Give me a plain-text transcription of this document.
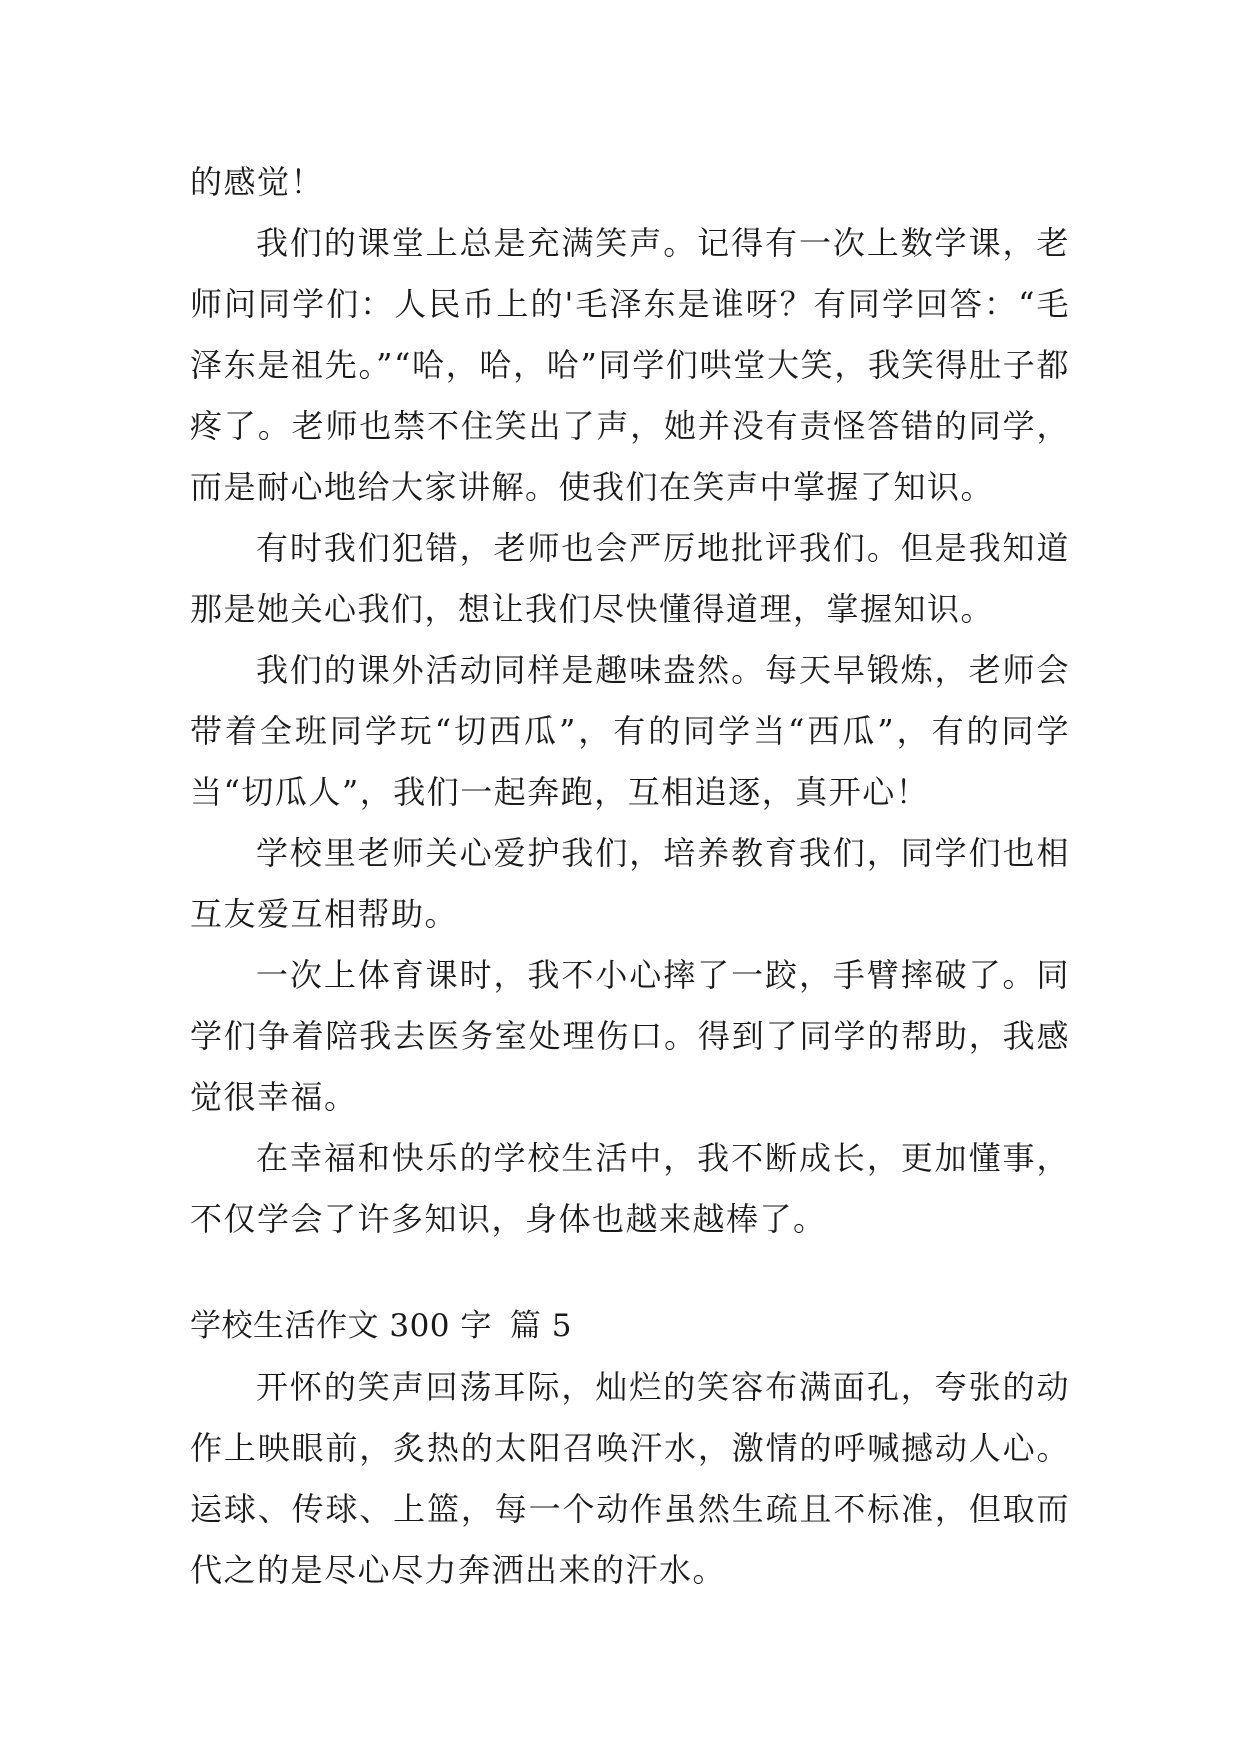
的感觉！

我们的课堂上总是充满笑声。记得有一次上数学课，老师问同学们：人民币上的'毛泽东是谁呀？有同学回答：“毛泽东是祖先。”“哈，哈，哈”同学们哄堂大笑，我笑得肚子都疼了。老师也禁不住笑出了声，她并没有责怪答错的同学，而是耐心地给大家讲解。使我们在笑声中掌握了知识。

有时我们犯错，老师也会严厉地批评我们。但是我知道那是她关心我们，想让我们尽快懂得道理，掌握知识。

我们的课外活动同样是趣味盎然。每天早锻炼，老师会带着全班同学玩“切西瓜”，有的同学当“西瓜”，有的同学当“切瓜人”，我们一起奔跑，互相追逐，真开心！

学校里老师关心爱护我们，培养教育我们，同学们也相互友爱互相帮助。

一次上体育课时，我不小心摔了一跤，手臂摔破了。同学们争着陪我去医务室处理伤口。得到了同学的帮助，我感觉很幸福。

在幸福和快乐的学校生活中，我不断成长，更加懂事，不仅学会了许多知识，身体也越来越棒了。

学校生活作文 300 字 篇 5

开怀的笑声回荡耳际，灿烂的笑容布满面孔，夸张的动作上映眼前，炙热的太阳召唤汗水，激情的呼喊撼动人心。运球、传球、上篮，每一个动作虽然生疏且不标准，但取而代之的是尽心尽力奔洒出来的汗水。
